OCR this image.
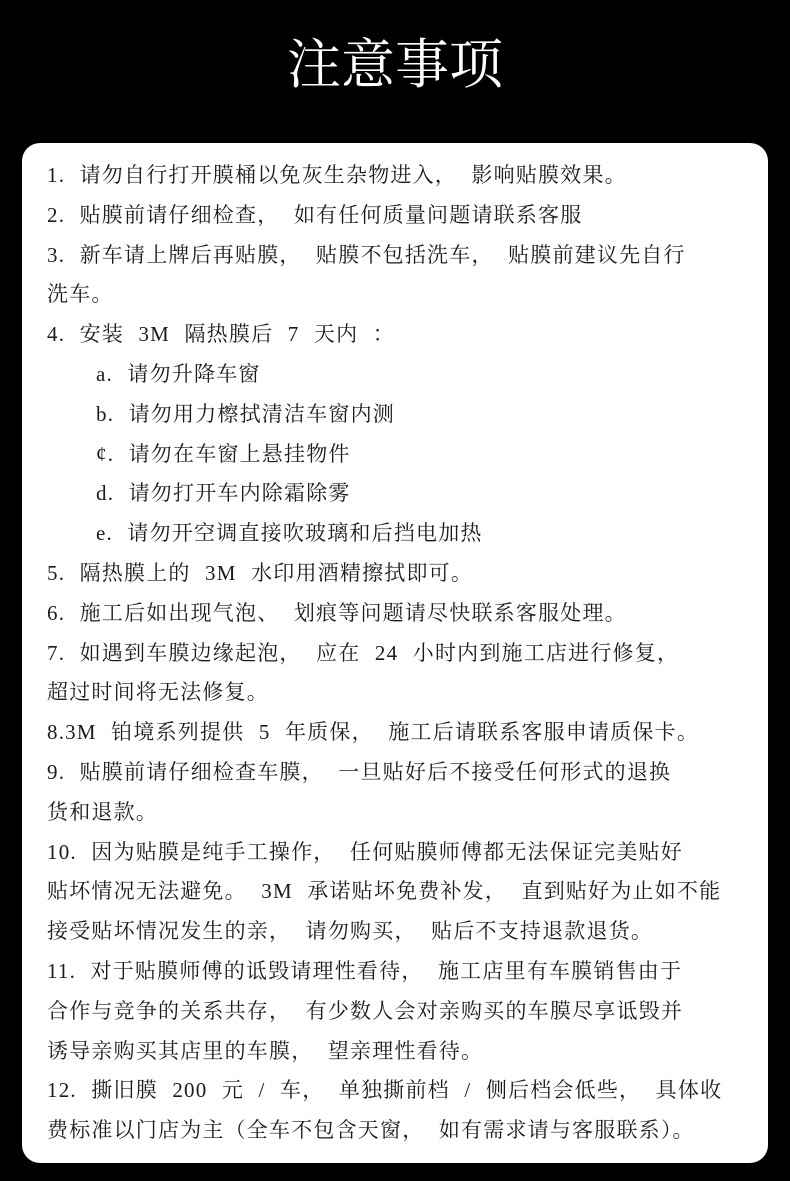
注意事项
1. 请勿自行打开膜桶以免灰生杂物进入， 影响贴膜效果。
2. 贴膜前请仔细检查， 如有任何质量问题请联系客服
3. 新车请上牌后再贴膜， 贴膜不包括洗车， 贴膜前建议先自行
洗车。
4. 安装 3M 隔热膜后 7 天内 ：
a. 请勿升降车窗
b. 请勿用力檫拭清洁车窗内测
¢. 请勿在车窗上悬挂物件
d. 请勿打开车内除霜除雾
e. 请勿开空调直接吹玻璃和后挡电加热
5. 隔热膜上的 3M 水印用酒精擦拭即可。
6. 施工后如出现气泡、 划痕等问题请尽快联系客服处理。
7. 如遇到车膜边缘起泡， 应在 24 小时内到施工店进行修复，
超过时间将无法修复。
8.3M 铂境系列提供 5 年质保， 施工后请联系客服申请质保卡。
9. 贴膜前请仔细检查车膜， 一旦贴好后不接受任何形式的退换
货和退款。
10. 因为贴膜是纯手工操作， 任何贴膜师傅都无法保证完美贴好
贴坏情况无法避免。 3M 承诺贴坏免费补发， 直到贴好为止如不能
接受贴坏情况发生的亲， 请勿购买， 贴后不支持退款退货。
11. 对于贴膜师傅的诋毁请理性看待， 施工店里有车膜销售由于
合作与竞争的关系共存， 有少数人会对亲购买的车膜尽享诋毁并
诱导亲购买其店里的车膜， 望亲理性看待。
12. 撕旧膜 200 元 / 车， 单独撕前档 / 侧后档会低些， 具体收
费标准以门店为主（全车不包含天窗， 如有需求请与客服联系）。
